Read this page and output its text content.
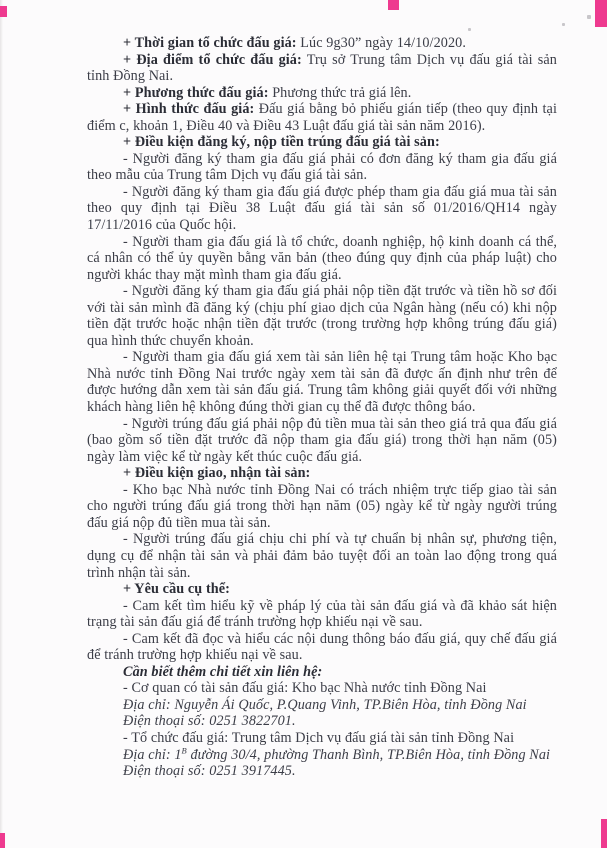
+ Thời gian tổ chức đấu giá: Lúc 9g30” ngày 14/10/2020.
+ Địa điểm tổ chức đấu giá: Trụ sở Trung tâm Dịch vụ đấu giá tài sản
tỉnh Đồng Nai.
+ Phương thức đấu giá: Phương thức trả giá lên.
+ Hình thức đấu giá: Đấu giá bằng bỏ phiếu gián tiếp (theo quy định tại
điểm c, khoản 1, Điều 40 và Điều 43 Luật đấu giá tài sản năm 2016).
+ Điều kiện đăng ký, nộp tiền trúng đấu giá tài sản:
- Người đăng ký tham gia đấu giá phải có đơn đăng ký tham gia đấu giá
theo mẫu của Trung tâm Dịch vụ đấu giá tài sản.
- Người đăng ký tham gia đấu giá được phép tham gia đấu giá mua tài sản
theo quy định tại Điều 38 Luật đấu giá tài sản số 01/2016/QH14 ngày
17/11/2016 của Quốc hội.
- Người tham gia đấu giá là tổ chức, doanh nghiệp, hộ kinh doanh cá thể,
cá nhân có thể ủy quyền bằng văn bản (theo đúng quy định của pháp luật) cho
người khác thay mặt mình tham gia đấu giá.
- Người đăng ký tham gia đấu giá phải nộp tiền đặt trước và tiền hồ sơ đối
với tài sản mình đã đăng ký (chịu phí giao dịch của Ngân hàng (nếu có) khi nộp
tiền đặt trước hoặc nhận tiền đặt trước (trong trường hợp không trúng đấu giá)
qua hình thức chuyển khoản.
- Người tham gia đấu giá xem tài sản liên hệ tại Trung tâm hoặc Kho bạc
Nhà nước tỉnh Đồng Nai trước ngày xem tài sản đã được ấn định như trên để
được hướng dẫn xem tài sản đấu giá. Trung tâm không giải quyết đối với những
khách hàng liên hệ không đúng thời gian cụ thể đã được thông báo.
- Người trúng đấu giá phải nộp đủ tiền mua tài sản theo giá trả qua đấu giá
(bao gồm số tiền đặt trước đã nộp tham gia đấu giá) trong thời hạn năm (05)
ngày làm việc kể từ ngày kết thúc cuộc đấu giá.
+ Điều kiện giao, nhận tài sản:
- Kho bạc Nhà nước tỉnh Đồng Nai có trách nhiệm trực tiếp giao tài sản
cho người trúng đấu giá trong thời hạn năm (05) ngày kể từ ngày người trúng
đấu giá nộp đủ tiền mua tài sản.
- Người trúng đấu giá chịu chi phí và tự chuẩn bị nhân sự, phương tiện,
dụng cụ để nhận tài sản và phải đảm bảo tuyệt đối an toàn lao động trong quá
trình nhận tài sản.
+ Yêu cầu cụ thể:
- Cam kết tìm hiểu kỹ về pháp lý của tài sản đấu giá và đã khảo sát hiện
trạng tài sản đấu giá để tránh trường hợp khiếu nại về sau.
- Cam kết đã đọc và hiểu các nội dung thông báo đấu giá, quy chế đấu giá
để tránh trường hợp khiếu nại về sau.
Cần biết thêm chi tiết xin liên hệ:
- Cơ quan có tài sản đấu giá: Kho bạc Nhà nước tỉnh Đồng Nai
Địa chỉ: Nguyễn Ái Quốc, P.Quang Vinh, TP.Biên Hòa, tỉnh Đồng Nai
Điện thoại số: 0251 3822701.
- Tổ chức đấu giá: Trung tâm Dịch vụ đấu giá tài sản tỉnh Đồng Nai
Địa chỉ: $1^B$ đường 30/4, phường Thanh Bình, TP.Biên Hòa, tỉnh Đồng Nai
Điện thoại số: 0251 3917445.
